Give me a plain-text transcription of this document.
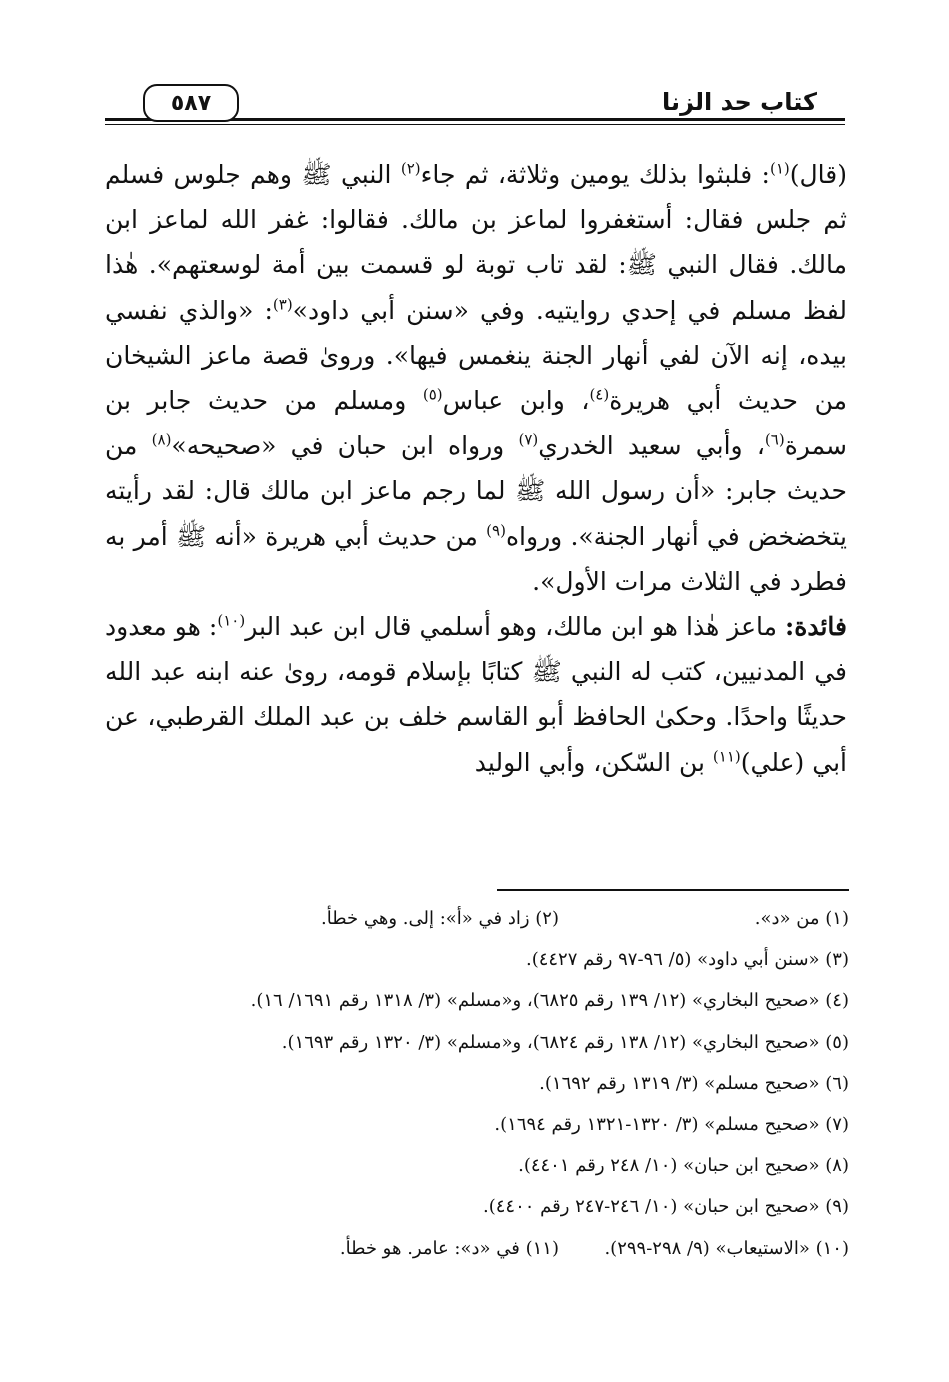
٥٨٧	كتاب حد الزنا

(قال)$^{(١)}$: فلبثوا بذلك يومين وثلاثة، ثم جاء$^{(٢)}$ النبي ﷺ وهم جلوس فسلم ثم جلس فقال: أستغفروا لماعز بن مالك. فقالوا: غفر الله لماعز ابن مالك. فقال النبي ﷺ: لقد تاب توبة لو قسمت بين أمة لوسعتهم». هٰذا لفظ مسلم في إحدي روايتيه. وفي «سنن أبي داود»$^{(٣)}$: «والذي نفسي بيده، إنه الآن لفي أنهار الجنة ينغمس فيها». وروىٰ قصة ماعز الشيخان من حديث أبي هريرة$^{(٤)}$، وابن عباس$^{(٥)}$ ومسلم من حديث جابر بن سمرة$^{(٦)}$، وأبي سعيد الخدري$^{(٧)}$ ورواه ابن حبان في «صحيحه»$^{(٨)}$ من حديث جابر: «أن رسول الله ﷺ لما رجم ماعز ابن مالك قال: لقد رأيته يتخضخض في أنهار الجنة». ورواه$^{(٩)}$ من حديث أبي هريرة «أنه ﷺ أمر به فطرد في الثلاث مرات الأول».

فائدة: ماعز هٰذا هو ابن مالك، وهو أسلمي قال ابن عبد البر$^{(١٠)}$: هو معدود في المدنيين، كتب له النبي ﷺ كتابًا بإسلام قومه، روىٰ عنه ابنه عبد الله حديثًا واحدًا. وحكىٰ الحافظ أبو القاسم خلف بن عبد الملك القرطبي، عن أبي (علي)$^{(١١)}$ بن السّكن، وأبي الوليد

(١) من «د».
(٢) زاد في «أ»: إلى. وهي خطأ.
(٣) «سنن أبي داود» (٥/ ٩٦-٩٧ رقم ٤٤٢٧).
(٤) «صحيح البخاري» (١٢/ ١٣٩ رقم ٦٨٢٥)، و«مسلم» (٣/ ١٣١٨ رقم ١٦٩١/ ١٦).
(٥) «صحيح البخاري» (١٢/ ١٣٨ رقم ٦٨٢٤)، و«مسلم» (٣/ ١٣٢٠ رقم ١٦٩٣).
(٦) «صحيح مسلم» (٣/ ١٣١٩ رقم ١٦٩٢).
(٧) «صحيح مسلم» (٣/ ١٣٢٠-١٣٢١ رقم ١٦٩٤).
(٨) «صحيح ابن حبان» (١٠/ ٢٤٨ رقم ٤٤٠١).
(٩) «صحيح ابن حبان» (١٠/ ٢٤٦-٢٤٧ رقم ٤٤٠٠).
(١٠) «الاستيعاب» (٩/ ٢٩٨-٢٩٩).
(١١) في «د»: عامر. هو خطأ.
